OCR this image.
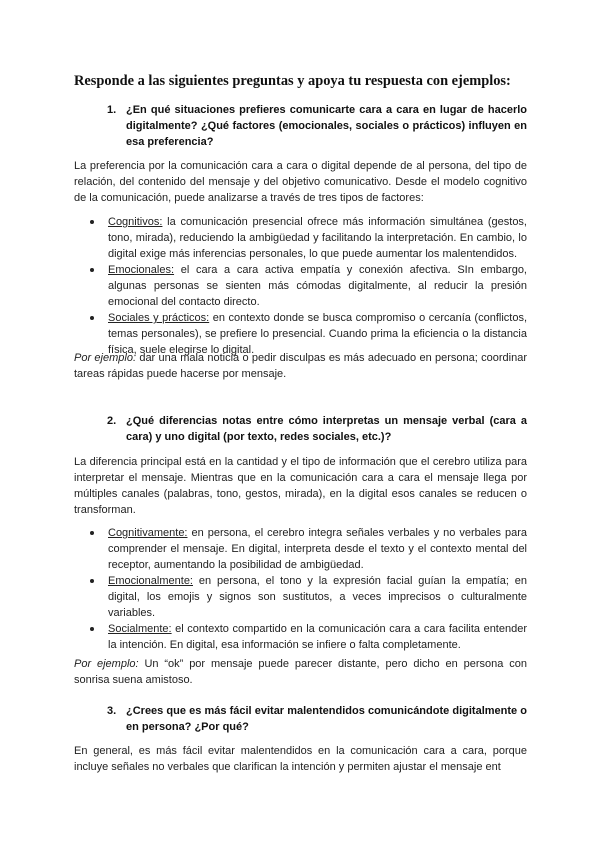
Responde a las siguientes preguntas y apoya tu respuesta con ejemplos:
1. ¿En qué situaciones prefieres comunicarte cara a cara en lugar de hacerlo digitalmente? ¿Qué factores (emocionales, sociales o prácticos) influyen en esa preferencia?
La preferencia por la comunicación cara a cara o digital depende de al persona, del tipo de relación, del contenido del mensaje y del objetivo comunicativo. Desde el modelo cognitivo de la comunicación, puede analizarse a través de tres tipos de factores:
Cognitivos: la comunicación presencial ofrece más información simultánea (gestos, tono, mirada), reduciendo la ambigüedad y facilitando la interpretación. En cambio, lo digital exige más inferencias personales, lo que puede aumentar los malentendidos.
Emocionales: el cara a cara activa empatía y conexión afectiva. SIn embargo, algunas personas se sienten más cómodas digitalmente, al reducir la presión emocional del contacto directo.
Sociales y prácticos: en contexto donde se busca compromiso o cercanía (conflictos, temas personales), se prefiere lo presencial. Cuando prima la eficiencia o la distancia física, suele elegirse lo digital.
Por ejemplo: dar una mala noticia o pedir disculpas es más adecuado en persona; coordinar tareas rápidas puede hacerse por mensaje.
2. ¿Qué diferencias notas entre cómo interpretas un mensaje verbal (cara a cara) y uno digital (por texto, redes sociales, etc.)?
La diferencia principal está en la cantidad y el tipo de información que el cerebro utiliza para interpretar el mensaje. Mientras que en la comunicación cara a cara el mensaje llega por múltiples canales (palabras, tono, gestos, mirada), en la digital esos canales se reducen o transforman.
Cognitivamente: en persona, el cerebro integra señales verbales y no verbales para comprender el mensaje. En digital, interpreta desde el texto y el contexto mental del receptor, aumentando la posibilidad de ambigüedad.
Emocionalmente: en persona, el tono y la expresión facial guían la empatía; en digital, los emojis y signos son sustitutos, a veces imprecisos o culturalmente variables.
Socialmente: el contexto compartido en la comunicación cara a cara facilita entender la intención. En digital, esa información se infiere o falta completamente.
Por ejemplo: Un “ok” por mensaje puede parecer distante, pero dicho en persona con sonrisa suena amistoso.
3. ¿Crees que es más fácil evitar malentendidos comunicándote digitalmente o en persona? ¿Por qué?
En general, es más fácil evitar malentendidos en la comunicación cara a cara, porque incluye señales no verbales que clarifican la intención y permiten ajustar el mensaje ent
